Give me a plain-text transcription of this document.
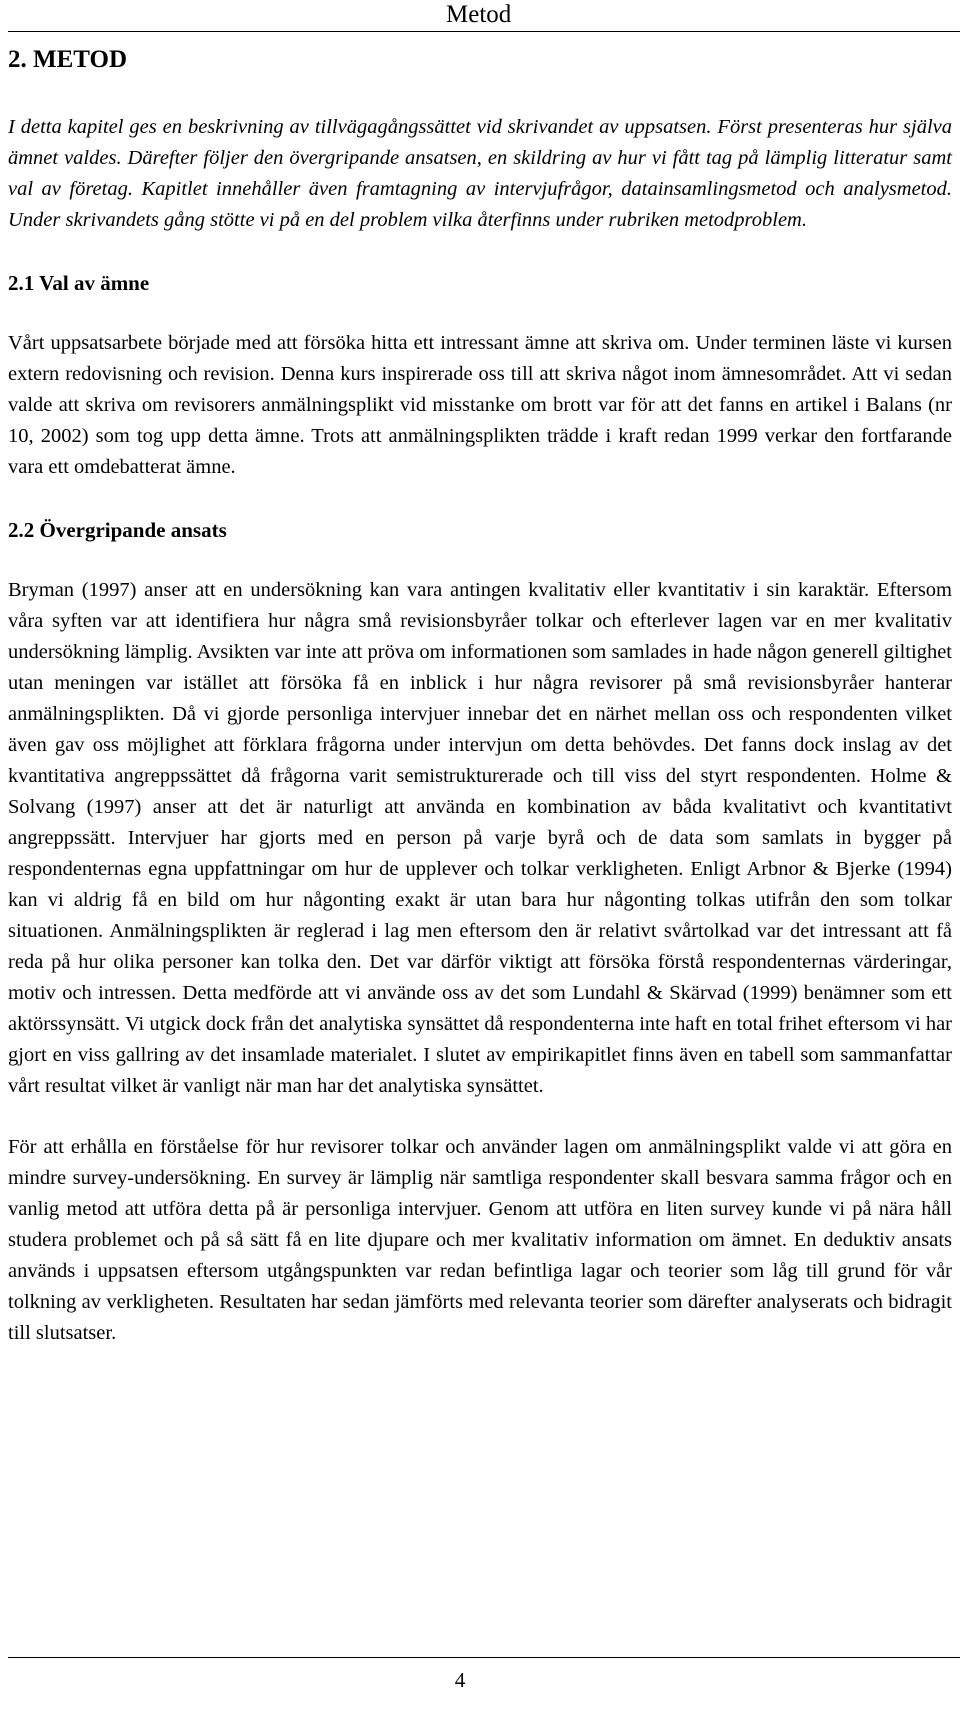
Metod
2. METOD

I detta kapitel ges en beskrivning av tillvägagångssättet vid skrivandet av uppsatsen. Först presenteras hur själva ämnet valdes. Därefter följer den övergripande ansatsen, en skildring av hur vi fått tag på lämplig litteratur samt val av företag. Kapitlet innehåller även framtagning av intervjufrågor, datainsamlingsmetod och analysmetod. Under skrivandets gång stötte vi på en del problem vilka återfinns under rubriken metodproblem.

2.1 Val av ämne

Vårt uppsatsarbete började med att försöka hitta ett intressant ämne att skriva om. Under terminen läste vi kursen extern redovisning och revision. Denna kurs inspirerade oss till att skriva något inom ämnesområdet. Att vi sedan valde att skriva om revisorers anmälningsplikt vid misstanke om brott var för att det fanns en artikel i Balans (nr 10, 2002) som tog upp detta ämne. Trots att anmälningsplikten trädde i kraft redan 1999 verkar den fortfarande vara ett omdebatterat ämne.

2.2 Övergripande ansats

Bryman (1997) anser att en undersökning kan vara antingen kvalitativ eller kvantitativ i sin karaktär. Eftersom våra syften var att identifiera hur några små revisionsbyråer tolkar och efterlever lagen var en mer kvalitativ undersökning lämplig. Avsikten var inte att pröva om informationen som samlades in hade någon generell giltighet utan meningen var istället att försöka få en inblick i hur några revisorer på små revisionsbyråer hanterar anmälningsplikten. Då vi gjorde personliga intervjuer innebar det en närhet mellan oss och respondenten vilket även gav oss möjlighet att förklara frågorna under intervjun om detta behövdes. Det fanns dock inslag av det kvantitativa angreppssättet då frågorna varit semistrukturerade och till viss del styrt respondenten. Holme & Solvang (1997) anser att det är naturligt att använda en kombination av båda kvalitativt och kvantitativt angreppssätt. Intervjuer har gjorts med en person på varje byrå och de data som samlats in bygger på respondenternas egna uppfattningar om hur de upplever och tolkar verkligheten. Enligt Arbnor & Bjerke (1994) kan vi aldrig få en bild om hur någonting exakt är utan bara hur någonting tolkas utifrån den som tolkar situationen. Anmälningsplikten är reglerad i lag men eftersom den är relativt svårtolkad var det intressant att få reda på hur olika personer kan tolka den. Det var därför viktigt att försöka förstå respondenternas värderingar, motiv och intressen. Detta medförde att vi använde oss av det som Lundahl & Skärvad (1999) benämner som ett aktörssynsätt. Vi utgick dock från det analytiska synsättet då respondenterna inte haft en total frihet eftersom vi har gjort en viss gallring av det insamlade materialet. I slutet av empirikapitlet finns även en tabell som sammanfattar vårt resultat vilket är vanligt när man har det analytiska synsättet.

För att erhålla en förståelse för hur revisorer tolkar och använder lagen om anmälningsplikt valde vi att göra en mindre survey-undersökning. En survey är lämplig när samtliga respondenter skall besvara samma frågor och en vanlig metod att utföra detta på är personliga intervjuer. Genom att utföra en liten survey kunde vi på nära håll studera problemet och på så sätt få en lite djupare och mer kvalitativ information om ämnet. En deduktiv ansats används i uppsatsen eftersom utgångspunkten var redan befintliga lagar och teorier som låg till grund för vår tolkning av verkligheten. Resultaten har sedan jämförts med relevanta teorier som därefter analyserats och bidragit till slutsatser.

4
